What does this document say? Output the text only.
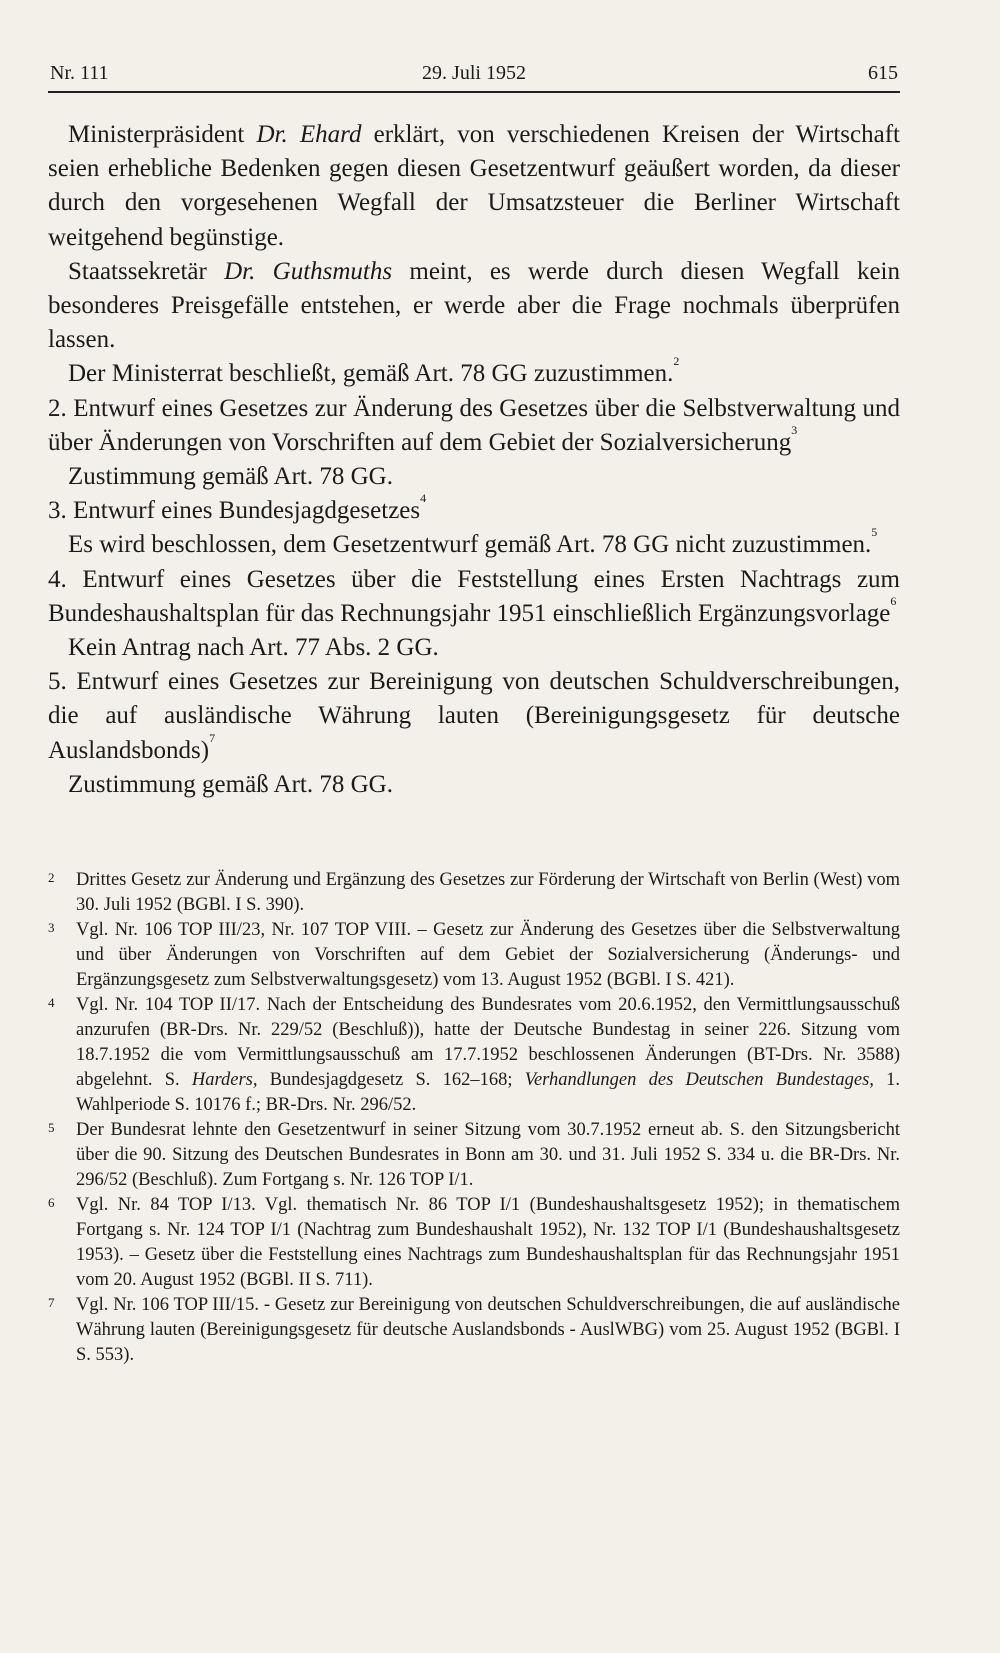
Nr. 111	29. Juli 1952	615

Ministerpräsident Dr. Ehard erklärt, von verschiedenen Kreisen der Wirtschaft seien erhebliche Bedenken gegen diesen Gesetzentwurf geäußert worden, da dieser durch den vorgesehenen Wegfall der Umsatzsteuer die Berliner Wirtschaft weitgehend begünstige.

Staatssekretär Dr. Guthsmuths meint, es werde durch diesen Wegfall kein besonderes Preisgefälle entstehen, er werde aber die Frage nochmals überprüfen lassen.

Der Ministerrat beschließt, gemäß Art. 78 GG zuzustimmen.$^2$

2. Entwurf eines Gesetzes zur Änderung des Gesetzes über die Selbstverwaltung und über Änderungen von Vorschriften auf dem Gebiet der Sozialversicherung$^3$

Zustimmung gemäß Art. 78 GG.

3. Entwurf eines Bundesjagdgesetzes$^4$

Es wird beschlossen, dem Gesetzentwurf gemäß Art. 78 GG nicht zuzustimmen.$^5$

4. Entwurf eines Gesetzes über die Feststellung eines Ersten Nachtrags zum Bundeshaushaltsplan für das Rechnungsjahr 1951 einschließlich Ergänzungsvorlage$^6$

Kein Antrag nach Art. 77 Abs. 2 GG.

5. Entwurf eines Gesetzes zur Bereinigung von deutschen Schuldverschreibungen, die auf ausländische Währung lauten (Bereinigungsgesetz für deutsche Auslandsbonds)$^7$

Zustimmung gemäß Art. 78 GG.

2	Drittes Gesetz zur Änderung und Ergänzung des Gesetzes zur Förderung der Wirtschaft von Berlin (West) vom 30. Juli 1952 (BGBl. I S. 390).
3	Vgl. Nr. 106 TOP III/23, Nr. 107 TOP VIII. – Gesetz zur Änderung des Gesetzes über die Selbstverwaltung und über Änderungen von Vorschriften auf dem Gebiet der Sozialversicherung (Änderungs- und Ergänzungsgesetz zum Selbstverwaltungsgesetz) vom 13. August 1952 (BGBl. I S. 421).
4	Vgl. Nr. 104 TOP II/17. Nach der Entscheidung des Bundesrates vom 20.6.1952, den Vermittlungsausschuß anzurufen (BR-Drs. Nr. 229/52 (Beschluß)), hatte der Deutsche Bundestag in seiner 226. Sitzung vom 18.7.1952 die vom Vermittlungsausschuß am 17.7.1952 beschlossenen Änderungen (BT-Drs. Nr. 3588) abgelehnt. S. Harders, Bundesjagdgesetz S. 162–168; Verhandlungen des Deutschen Bundestages, 1. Wahlperiode S. 10176 f.; BR-Drs. Nr. 296/52.
5	Der Bundesrat lehnte den Gesetzentwurf in seiner Sitzung vom 30.7.1952 erneut ab. S. den Sitzungsbericht über die 90. Sitzung des Deutschen Bundesrates in Bonn am 30. und 31. Juli 1952 S. 334 u. die BR-Drs. Nr. 296/52 (Beschluß). Zum Fortgang s. Nr. 126 TOP I/1.
6	Vgl. Nr. 84 TOP I/13. Vgl. thematisch Nr. 86 TOP I/1 (Bundeshaushaltsgesetz 1952); in thematischem Fortgang s. Nr. 124 TOP I/1 (Nachtrag zum Bundeshaushalt 1952), Nr. 132 TOP I/1 (Bundeshaushaltsgesetz 1953). – Gesetz über die Feststellung eines Nachtrags zum Bundeshaushaltsplan für das Rechnungsjahr 1951 vom 20. August 1952 (BGBl. II S. 711).
7	Vgl. Nr. 106 TOP III/15. - Gesetz zur Bereinigung von deutschen Schuldverschreibungen, die auf ausländische Währung lauten (Bereinigungsgesetz für deutsche Auslandsbonds - AuslWBG) vom 25. August 1952 (BGBl. I S. 553).
